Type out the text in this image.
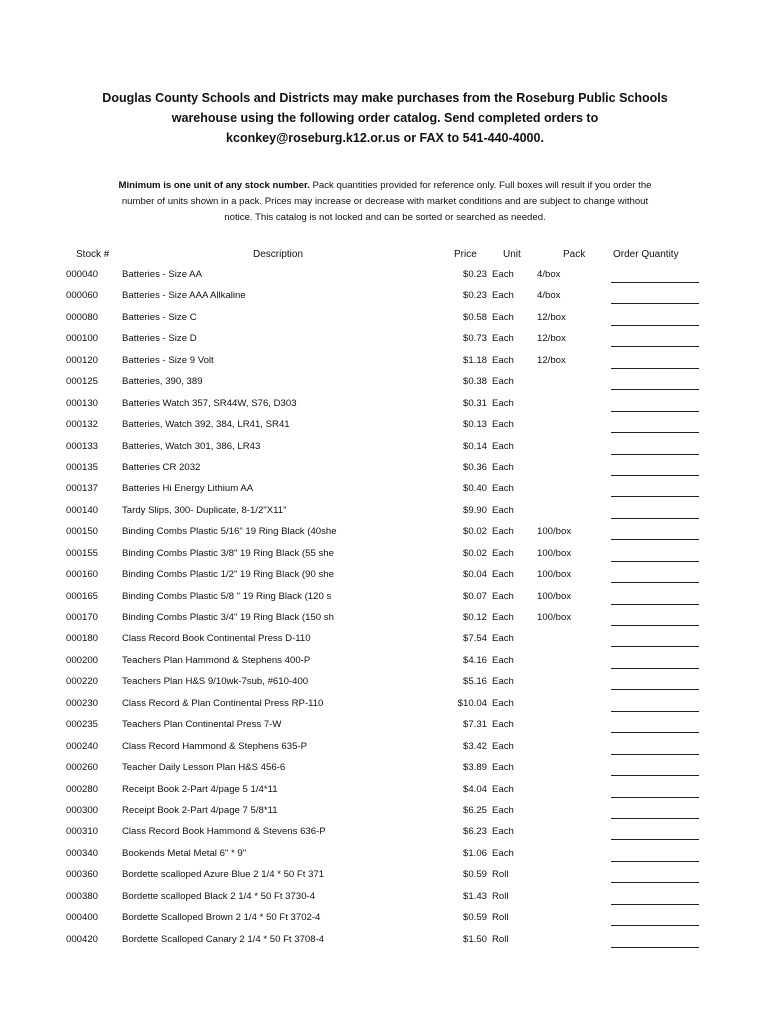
Douglas County Schools and Districts may make purchases from the Roseburg Public Schools
warehouse using the following order catalog. Send completed orders to
kconkey@roseburg.k12.or.us or FAX to 541-440-4000.
Minimum is one unit of any stock number. Pack quantities provided for reference only. Full boxes will result if you order the
number of units shown in a pack. Prices may increase or decrease with market conditions and are subject to change without
notice. This catalog is not locked and can be sorted or searched as needed.
Stock #	Description	Price	Unit	Pack	Order Quantity
000040 Batteries - Size AA	$0.23 Each 4/box
000060 Batteries - Size AAA Allkaline	$0.23 Each 4/box
000080 Batteries - Size C	$0.58 Each 12/box
000100 Batteries - Size D	$0.73 Each 12/box
000120 Batteries - Size 9 Volt	$1.18 Each 12/box
000125 Batteries, 390, 389	$0.38 Each
000130 Batteries Watch 357, SR44W, S76, D303	$0.31 Each
000132 Batteries, Watch 392, 384, LR41, SR41	$0.13 Each
000133 Batteries, Watch 301, 386, LR43	$0.14 Each
000135 Batteries CR 2032	$0.36 Each
000137 Batteries Hi Energy Lithium AA	$0.40 Each
000140 Tardy Slips, 300- Duplicate, 8-1/2"X11"	$9.90 Each
000150 Binding Combs Plastic 5/16" 19 Ring Black (40she	$0.02 Each 100/box
000155 Binding Combs Plastic 3/8" 19 Ring Black (55 she	$0.02 Each 100/box
000160 Binding Combs Plastic 1/2" 19 Ring Black (90 she	$0.04 Each 100/box
000165 Binding Combs Plastic 5/8 " 19 Ring Black (120 s	$0.07 Each 100/box
000170 Binding Combs Plastic 3/4" 19 Ring Black (150 sh	$0.12 Each 100/box
000180 Class Record Book Continental Press D-110	$7.54 Each
000200 Teachers Plan Hammond & Stephens 400-P	$4.16 Each
000220 Teachers Plan H&S 9/10wk-7sub, #610-400	$5.16 Each
000230 Class Record & Plan Continental Press RP-110	$10.04 Each
000235 Teachers Plan Continental Press 7-W	$7.31 Each
000240 Class Record Hammond & Stephens 635-P	$3.42 Each
000260 Teacher Daily Lesson Plan H&S 456-6	$3.89 Each
000280 Receipt Book 2-Part 4/page 5 1/4*11	$4.04 Each
000300 Receipt Book 2-Part 4/page 7 5/8*11	$6.25 Each
000310 Class Record Book Hammond & Stevens 636-P	$6.23 Each
000340 Bookends Metal Metal 6" * 9"	$1.06 Each
000360 Bordette scalloped Azure Blue 2 1/4 * 50 Ft 371	$0.59 Roll
000380 Bordette scalloped Black 2 1/4 * 50 Ft 3730-4	$1.43 Roll
000400 Bordette Scalloped Brown 2 1/4 * 50 Ft 3702-4	$0.59 Roll
000420 Bordette Scalloped Canary 2 1/4 * 50 Ft 3708-4	$1.50 Roll
